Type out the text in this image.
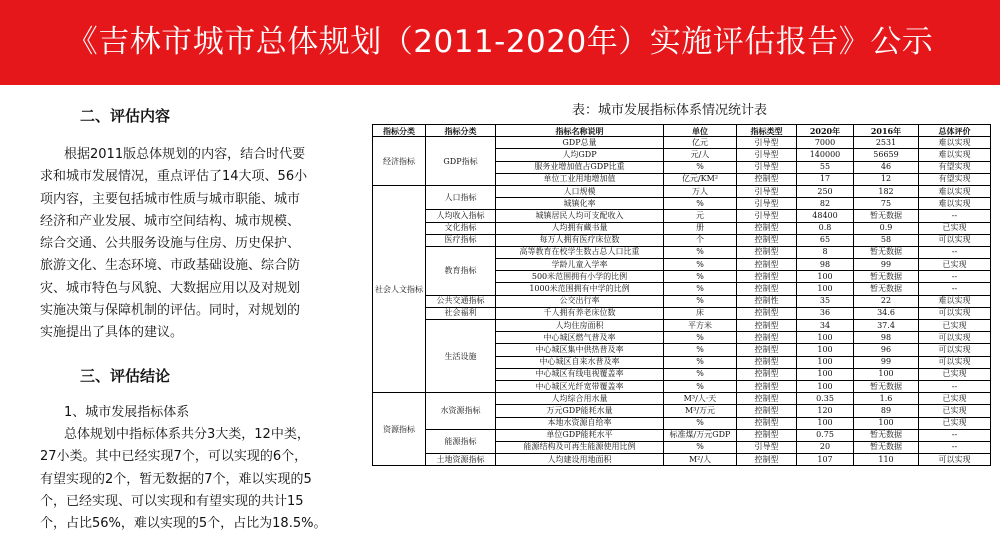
《吉林市城市总体规划（2011-2020年）实施评估报告》公示
二、评估内容
根据2011版总体规划的内容，结合时代要
求和城市发展情况，重点评估了14大项、56小
项内容，主要包括城市性质与城市职能、城市
经济和产业发展、城市空间结构、城市规模、
综合交通、公共服务设施与住房、历史保护、
旅游文化、生态环境、市政基础设施、综合防
灾、城市特色与风貌、大数据应用以及对规划
实施决策与保障机制的评估。同时，对规划的
实施提出了具体的建议。
三、评估结论
1、城市发展指标体系
总体规划中指标体系共分3大类，12中类，
27小类。其中已经实现7个，可以实现的6个，
有望实现的2个，暂无数据的7个，难以实现的5
个，已经实现、可以实现和有望实现的共计15
个，占比56%，难以实现的5个，占比为18.5%。
表：城市发展指标体系情况统计表
指标分类	指标分类	指标名称说明	单位	指标类型	2020年	2016年	总体评价
经济指标	GDP指标	GDP总量	亿元	引导型	7000	2531	难以实现
		人均GDP	元/人	引导型	140000	56659	难以实现
		服务业增加值占GDP比重	%	引导型	55	46	有望实现
		单位工业用地增加值	亿元/KM²	控制型	17	12	有望实现
社会人文指标	人口指标	人口规模	万人	引导型	250	182	难以实现
		城镇化率	%	引导型	82	75	难以实现
	人均收入指标	城镇居民人均可支配收入	元	引导型	48400	暂无数据	--
	文化指标	人均拥有藏书量	册	控制型	0.8	0.9	已实现
	医疗指标	每万人拥有医疗床位数	个	控制型	65	58	可以实现
	教育指标	高等教育在校学生数占总人口比重	%	控制型	8	暂无数据	--
		学龄儿童入学率	%	控制型	98	99	已实现
		500米范围拥有小学的比例	%	控制型	100	暂无数据	--
		1000米范围拥有中学的比例	%	控制型	100	暂无数据	--
	公共交通指标	公交出行率	%	控制性	35	22	难以实现
	社会福利	千人拥有养老床位数	床	控制型	36	34.6	可以实现
	生活设施	人均住房面积	平方米	控制型	34	37.4	已实现
		中心城区燃气普及率	%	控制型	100	98	可以实现
		中心城区集中供热普及率	%	控制型	100	96	可以实现
		中心城区自来水普及率	%	控制型	100	99	可以实现
		中心城区有线电视覆盖率	%	控制型	100	100	已实现
		中心城区光纤宽带覆盖率	%	控制型	100	暂无数据	--
资源指标	水资源指标	人均综合用水量	M³/人·天	控制型	0.35	1.6	已实现
		万元GDP能耗水量	M³/万元	控制型	120	89	已实现
		本地水资源自给率	%	控制型	100	100	已实现
	能源指标	单位GDP能耗水平	标准煤/万元GDP	控制型	0.75	暂无数据	--
		能源结构及可再生能源使用比例	%	引导型	20	暂无数据	--
	土地资源指标	人均建设用地面积	M²/人	控制型	107	110	可以实现
